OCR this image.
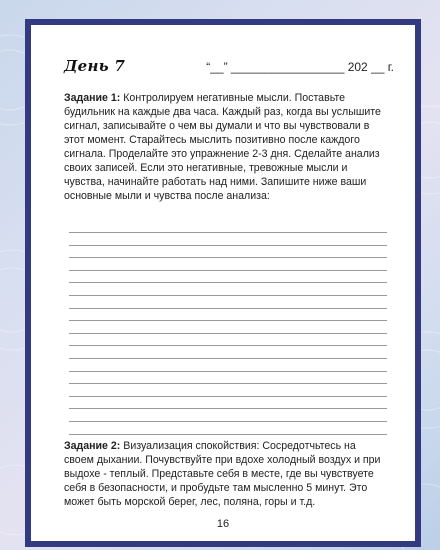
День 7	“__” _________________ 202 __ г.
Задание 1: Контролируем негативные мысли. Поставьте будильник на каждые два часа. Каждый раз, когда вы услышите сигнал, записывайте о чем вы думали и что вы чувствовали в этот момент. Старайтесь мыслить позитивно после каждого сигнала. Проделайте это упражнение 2-3 дня. Сделайте анализ своих записей. Если это негативные, тревожные мысли и чувства, начинайте работать над ними. Запишите ниже ваши основные мыли и чувства после анализа:
Задание 2: Визуализация спокойствия: Сосредотчьтесь на своем дыхании. Почувствуйте при вдохе холодный воздух и при выдохе - теплый. Представьте себя в месте, где вы чувствуете себя в безопасности, и пробудьте там мысленно 5 минут. Это может быть морской берег, лес, поляна, горы и т.д.
16
